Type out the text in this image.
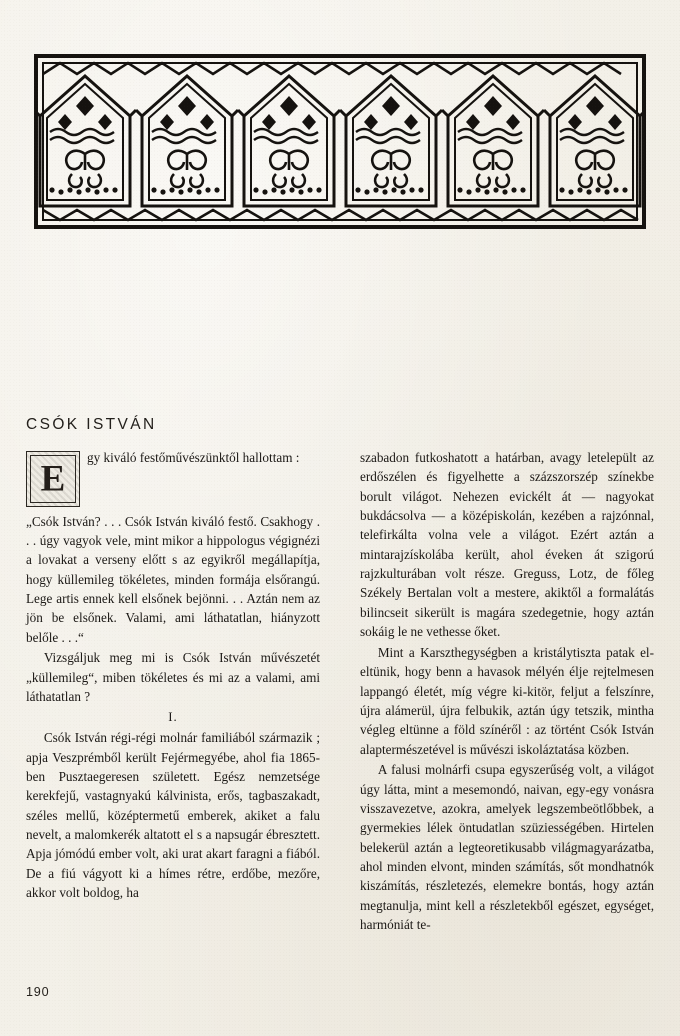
CSÓK ISTVÁN

E
gy kiváló festőművészünktől hallottam :

„Csók István? . . . Csók István kiváló festő. Csakhogy . . . úgy vagyok vele, mint mikor a hippologus végignézi a lovakat a verseny előtt s az egyikről megállapítja, hogy küllemileg tökéletes, minden formája elsőrangú. Lege artis ennek kell elsőnek bejönni. . . Aztán nem az jön be elsőnek. Valami, ami láthatatlan, hiányzott belőle . . .“

Vizsgáljuk meg mi is Csók István művészetét „küllemileg“, miben tökéletes és mi az a valami, ami láthatatlan ?

I.

Csók István régi-régi molnár familiából származik ; apja Veszprémből került Fejérmegyébe, ahol fia 1865-ben Pusztaegeresen született. Egész nemzetsége kerekfejű, vastagnyakú kálvinista, erős, tagbaszakadt, széles mellű, középtermetű emberek, akiket a falu nevelt, a malomkerék altatott el s a napsugár ébresztett. Apja jómódú ember volt, aki urat akart faragni a fiából. De a fiú vágyott ki a hímes rétre, erdőbe, mezőre, akkor volt boldog, ha

szabadon futkoshatott a határban, avagy letelepült az erdőszélen és figyelhette a százszorszép színekbe borult világot. Nehezen evickélt át — nagyokat bukdácsolva — a középiskolán, kezében a rajzónnal, telefirkálta volna vele a világot. Ezért aztán a mintarajzískolába került, ahol éveken át szigorú rajzkulturában volt része. Greguss, Lotz, de főleg Székely Bertalan volt a mestere, akiktől a formalátás bilincseit sikerült is magára szedegetnie, hogy aztán sokáig le ne vethesse őket.

Mint a Karszthegységben a kristálytiszta patak el-eltünik, hogy benn a havasok mélyén élje rejtelmesen lappangó életét, míg végre ki-kitör, feljut a felszínre, újra alámerül, újra felbukik, aztán úgy tetszik, mintha végleg eltünne a föld színéről : az történt Csók István alaptermészetével is művészi iskoláztatása közben.

A falusi molnárfi csupa egyszerűség volt, a világot úgy látta, mint a mesemondó, naivan, egy-egy vonásra visszavezetve, azokra, amelyek legszembeötlőbbek, a gyermekies lélek öntudatlan szüziességében. Hirtelen belekerül aztán a legteoretikusabb világmagyarázatba, ahol minden elvont, minden számítás, sőt mondhatnók kiszámítás, részletezés, elemekre bontás, hogy aztán megtanulja, mint kell a részletekből egészet, egységet, harmóniát te-

190
